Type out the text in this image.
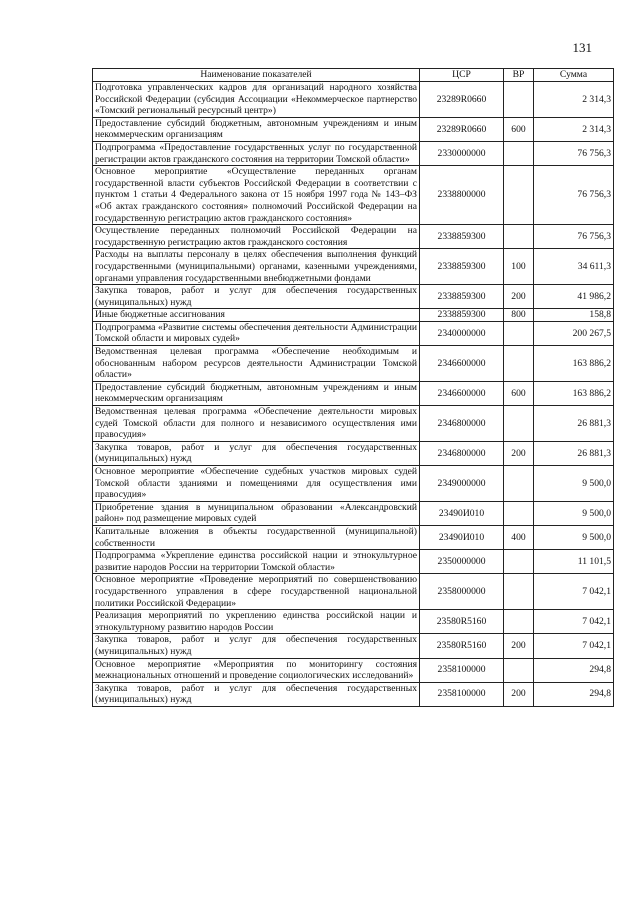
131
Наименование показателей	ЦСР	ВР	Сумма
Подготовка управленческих кадров для организаций народного хозяйства Российской Федерации (субсидия Ассоциации «Некоммерческое партнерство «Томский региональный ресурсный центр»)	23289R0660		2 314,3
Предоставление субсидий бюджетным, автономным учреждениям и иным некоммерческим организациям	23289R0660	600	2 314,3
Подпрограмма «Предоставление государственных услуг по государственной регистрации актов гражданского состояния на территории Томской области»	2330000000		76 756,3
Основное мероприятие «Осуществление переданных органам государственной власти субъектов Российской Федерации в соответствии с пунктом 1 статьи 4 Федерального закона от 15 ноября 1997 года № 143–ФЗ «Об актах гражданского состояния» полномочий Российской Федерации на государственную регистрацию актов гражданского состояния»	2338800000		76 756,3
Осуществление переданных полномочий Российской Федерации на государственную регистрацию актов гражданского состояния	2338859300		76 756,3
Расходы на выплаты персоналу в целях обеспечения выполнения функций государственными (муниципальными) органами, казенными учреждениями, органами управления государственными внебюджетными фондами	2338859300	100	34 611,3
Закупка товаров, работ и услуг для обеспечения государственных (муниципальных) нужд	2338859300	200	41 986,2
Иные бюджетные ассигнования	2338859300	800	158,8
Подпрограмма «Развитие системы обеспечения деятельности Администрации Томской области и мировых судей»	2340000000		200 267,5
Ведомственная целевая программа «Обеспечение необходимым и обоснованным набором ресурсов деятельности Администрации Томской области»	2346600000		163 886,2
Предоставление субсидий бюджетным, автономным учреждениям и иным некоммерческим организациям	2346600000	600	163 886,2
Ведомственная целевая программа «Обеспечение деятельности мировых судей Томской области для полного и независимого осуществления ими правосудия»	2346800000		26 881,3
Закупка товаров, работ и услуг для обеспечения государственных (муниципальных) нужд	2346800000	200	26 881,3
Основное мероприятие «Обеспечение судебных участков мировых судей Томской области зданиями и помещениями для осуществления ими правосудия»	2349000000		9 500,0
Приобретение здания в муниципальном образовании «Александровский район» под размещение мировых судей	23490И010		9 500,0
Капитальные вложения в объекты государственной (муниципальной) собственности	23490И010	400	9 500,0
Подпрограмма «Укрепление единства российской нации и этнокультурное развитие народов России на территории Томской области»	2350000000		11 101,5
Основное мероприятие «Проведение мероприятий по совершенствованию государственного управления в сфере государственной национальной политики Российской Федерации»	2358000000		7 042,1
Реализация мероприятий по укреплению единства российской нации и этнокультурному развитию народов России	23580R5160		7 042,1
Закупка товаров, работ и услуг для обеспечения государственных (муниципальных) нужд	23580R5160	200	7 042,1
Основное мероприятие «Мероприятия по мониторингу состояния межнациональных отношений и проведение социологических исследований»	2358100000		294,8
Закупка товаров, работ и услуг для обеспечения государственных (муниципальных) нужд	2358100000	200	294,8
